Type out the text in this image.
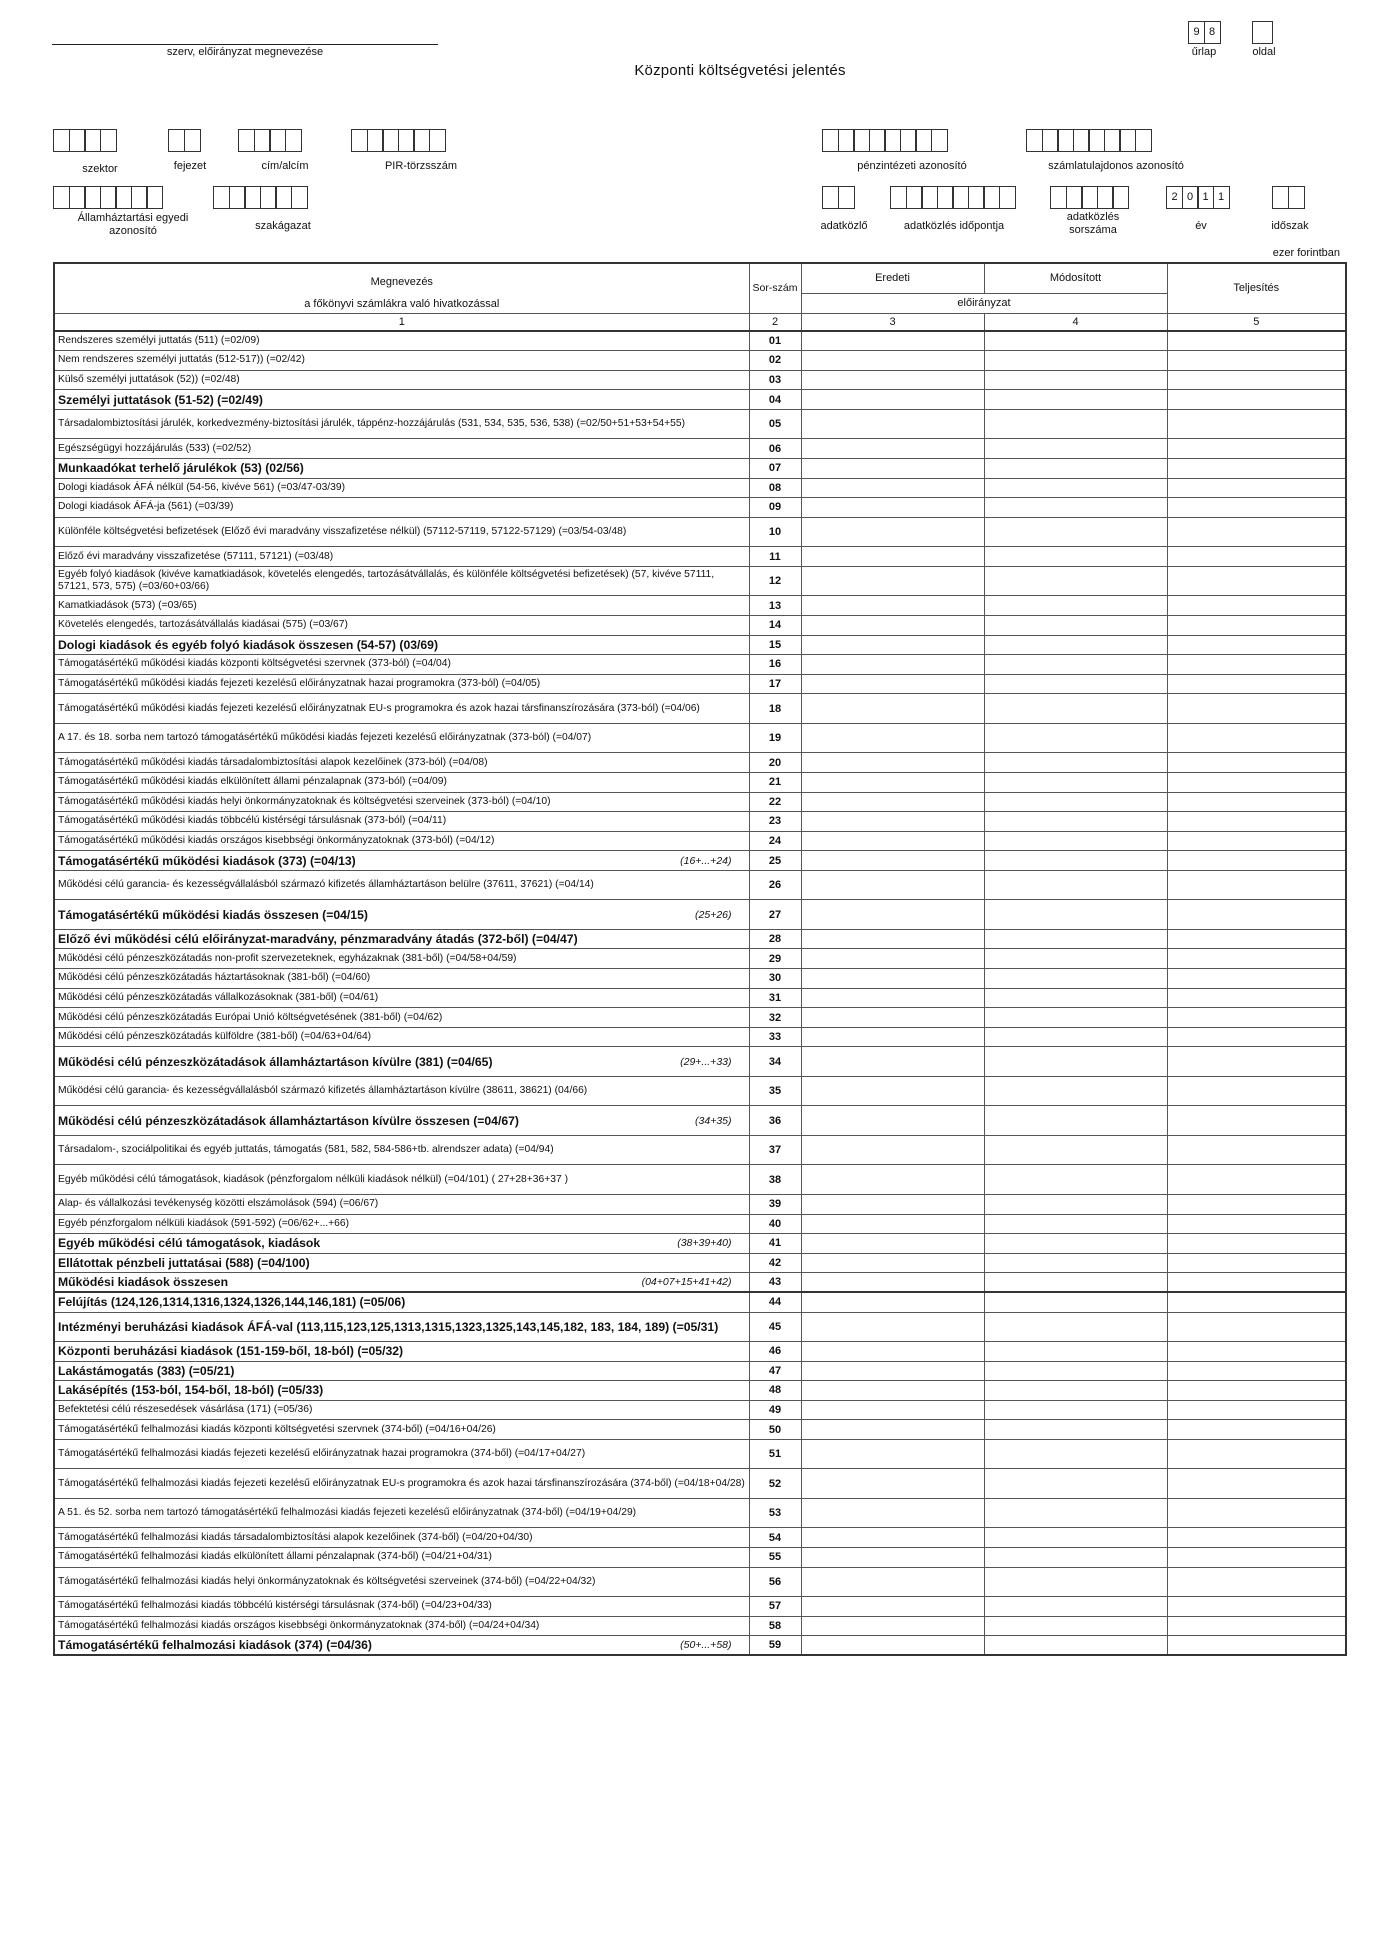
szerv, előirányzat megnevezése
Központi költségvetési jelentés
9 8
űrlap	oldal
szektor	fejezet	cím/alcím	PIR-törzsszám
Államháztartási egyedi azonosító	szakágazat
pénzintézeti azonosító	számlatulajdonos azonosító
adatközlő	adatközlés időpontja
adatközlés sorszáma
2 0 1 1
év	időszak
ezer forintban
Megnevezés
a főkönyvi számlákra való hivatkozással	Sor-szám	Eredeti	Módosított	Teljesítés
		előirányzat		
1	2	3	4	5
Rendszeres személyi juttatás (511) (=02/09)	01			
Nem rendszeres személyi juttatás (512-517)) (=02/42)	02			
Külső személyi juttatások (52)) (=02/48)	03			
Személyi juttatások (51-52) (=02/49)	04			
Társadalombiztosítási járulék, korkedvezmény-biztosítási járulék, táppénz-hozzájárulás (531, 534, 535, 536, 538) (=02/50+51+53+54+55)	05			
Egészségügyi hozzájárulás (533) (=02/52)	06			
Munkaadókat terhelő járulékok (53) (02/56)	07			
Dologi kiadások ÁFÁ nélkül (54-56, kivéve 561) (=03/47-03/39)	08			
Dologi kiadások ÁFÁ-ja (561) (=03/39)	09			
Különféle költségvetési befizetések (Előző évi maradvány visszafizetése nélkül) (57112-57119, 57122-57129) (=03/54-03/48)	10			
Előző évi maradvány visszafizetése (57111, 57121) (=03/48)	11			
Egyéb folyó kiadások (kivéve kamatkiadások, követelés elengedés, tartozásátvállalás, és különféle költségvetési befizetések) (57, kivéve 57111, 57121, 573, 575) (=03/60+03/66)	12			
Kamatkiadások (573) (=03/65)	13			
Követelés elengedés, tartozásátvállalás kiadásai (575) (=03/67)	14			
Dologi kiadások és egyéb folyó kiadások összesen (54-57) (03/69)	15			
Támogatásértékű működési kiadás központi költségvetési szervnek (373-ból) (=04/04)	16			
Támogatásértékű működési kiadás fejezeti kezelésű előirányzatnak hazai programokra (373-ból) (=04/05)	17			
Támogatásértékű működési kiadás fejezeti kezelésű előirányzatnak EU-s programokra és azok hazai társfinanszírozására (373-ból) (=04/06)	18			
A 17. és 18. sorba nem tartozó támogatásértékű működési kiadás fejezeti kezelésű előirányzatnak (373-ból) (=04/07)	19			
Támogatásértékű működési kiadás társadalombiztosítási alapok kezelőinek (373-ból) (=04/08)	20			
Támogatásértékű működési kiadás elkülönített állami pénzalapnak (373-ból) (=04/09)	21			
Támogatásértékű működési kiadás helyi önkormányzatoknak és költségvetési szerveinek (373-ból) (=04/10)	22			
Támogatásértékű működési kiadás többcélú kistérségi társulásnak (373-ból) (=04/11)	23			
Támogatásértékű működési kiadás országos kisebbségi önkormányzatoknak (373-ból) (=04/12)	24			

(16+...+24)
Támogatásértékű működési kiadások (373) (=04/13)	25			
Működési célú garancia- és kezességvállalásból származó kifizetés államháztartáson belülre (37611, 37621) (=04/14)	26			

(25+26)
Támogatásértékű működési kiadás összesen (=04/15)	27			
Előző évi működési célú előirányzat-maradvány, pénzmaradvány átadás (372-ből) (=04/47)	28			
Működési célú pénzeszközátadás non-profit szervezeteknek, egyházaknak (381-ből) (=04/58+04/59)	29			
Működési célú pénzeszközátadás háztartásoknak (381-ből) (=04/60)	30			
Működési célú pénzeszközátadás vállalkozásoknak (381-ből) (=04/61)	31			
Működési célú pénzeszközátadás Európai Unió költségvetésének (381-ből) (=04/62)	32			
Működési célú pénzeszközátadás külföldre (381-ből) (=04/63+04/64)	33			

(29+...+33)
Működési célú pénzeszközátadások államháztartáson kívülre (381) (=04/65)	34			
Működési célú garancia- és kezességvállalásból származó kifizetés államháztartáson kívülre (38611, 38621) (04/66)	35			

(34+35)
Működési célú pénzeszközátadások államháztartáson kívülre összesen (=04/67)	36			
Társadalom-, szociálpolitikai és egyéb juttatás, támogatás (581, 582, 584-586+tb. alrendszer adata) (=04/94)	37			
Egyéb működési célú támogatások, kiadások (pénzforgalom nélküli kiadások nélkül) (=04/101) ( 27+28+36+37 )	38			
Alap- és vállalkozási tevékenység közötti elszámolások (594) (=06/67)	39			
Egyéb pénzforgalom nélküli kiadások (591-592) (=06/62+...+66)	40			

(38+39+40)
Egyéb működési célú támogatások, kiadások	41			
Ellátottak pénzbeli juttatásai (588) (=04/100)	42			

(04+07+15+41+42)
Működési kiadások összesen	43			
Felújítás (124,126,1314,1316,1324,1326,144,146,181) (=05/06)	44			
Intézményi beruházási kiadások ÁFÁ-val (113,115,123,125,1313,1315,1323,1325,143,145,182, 183, 184, 189) (=05/31)	45			
Központi beruházási kiadások (151-159-ből, 18-ból) (=05/32)	46			
Lakástámogatás (383) (=05/21)	47			
Lakásépítés (153-ból, 154-ből, 18-ból) (=05/33)	48			
Befektetési célú részesedések vásárlása (171) (=05/36)	49			
Támogatásértékű felhalmozási kiadás központi költségvetési szervnek (374-ből) (=04/16+04/26)	50			
Támogatásértékű felhalmozási kiadás fejezeti kezelésű előirányzatnak hazai programokra (374-ből) (=04/17+04/27)	51			
Támogatásértékű felhalmozási kiadás fejezeti kezelésű előirányzatnak EU-s programokra és azok hazai társfinanszírozására (374-ből) (=04/18+04/28)	52			
A 51. és 52. sorba nem tartozó támogatásértékű felhalmozási kiadás fejezeti kezelésű előirányzatnak (374-ből) (=04/19+04/29)	53			
Támogatásértékű felhalmozási kiadás társadalombiztosítási alapok kezelőinek (374-ből) (=04/20+04/30)	54			
Támogatásértékű felhalmozási kiadás elkülönített állami pénzalapnak (374-ből) (=04/21+04/31)	55			
Támogatásértékű felhalmozási kiadás helyi önkormányzatoknak és költségvetési szerveinek (374-ből) (=04/22+04/32)	56			
Támogatásértékű felhalmozási kiadás többcélú kistérségi társulásnak (374-ből) (=04/23+04/33)	57			
Támogatásértékű felhalmozási kiadás országos kisebbségi önkormányzatoknak (374-ből) (=04/24+04/34)	58			

(50+...+58)
Támogatásértékű felhalmozási kiadások (374) (=04/36)	59			
